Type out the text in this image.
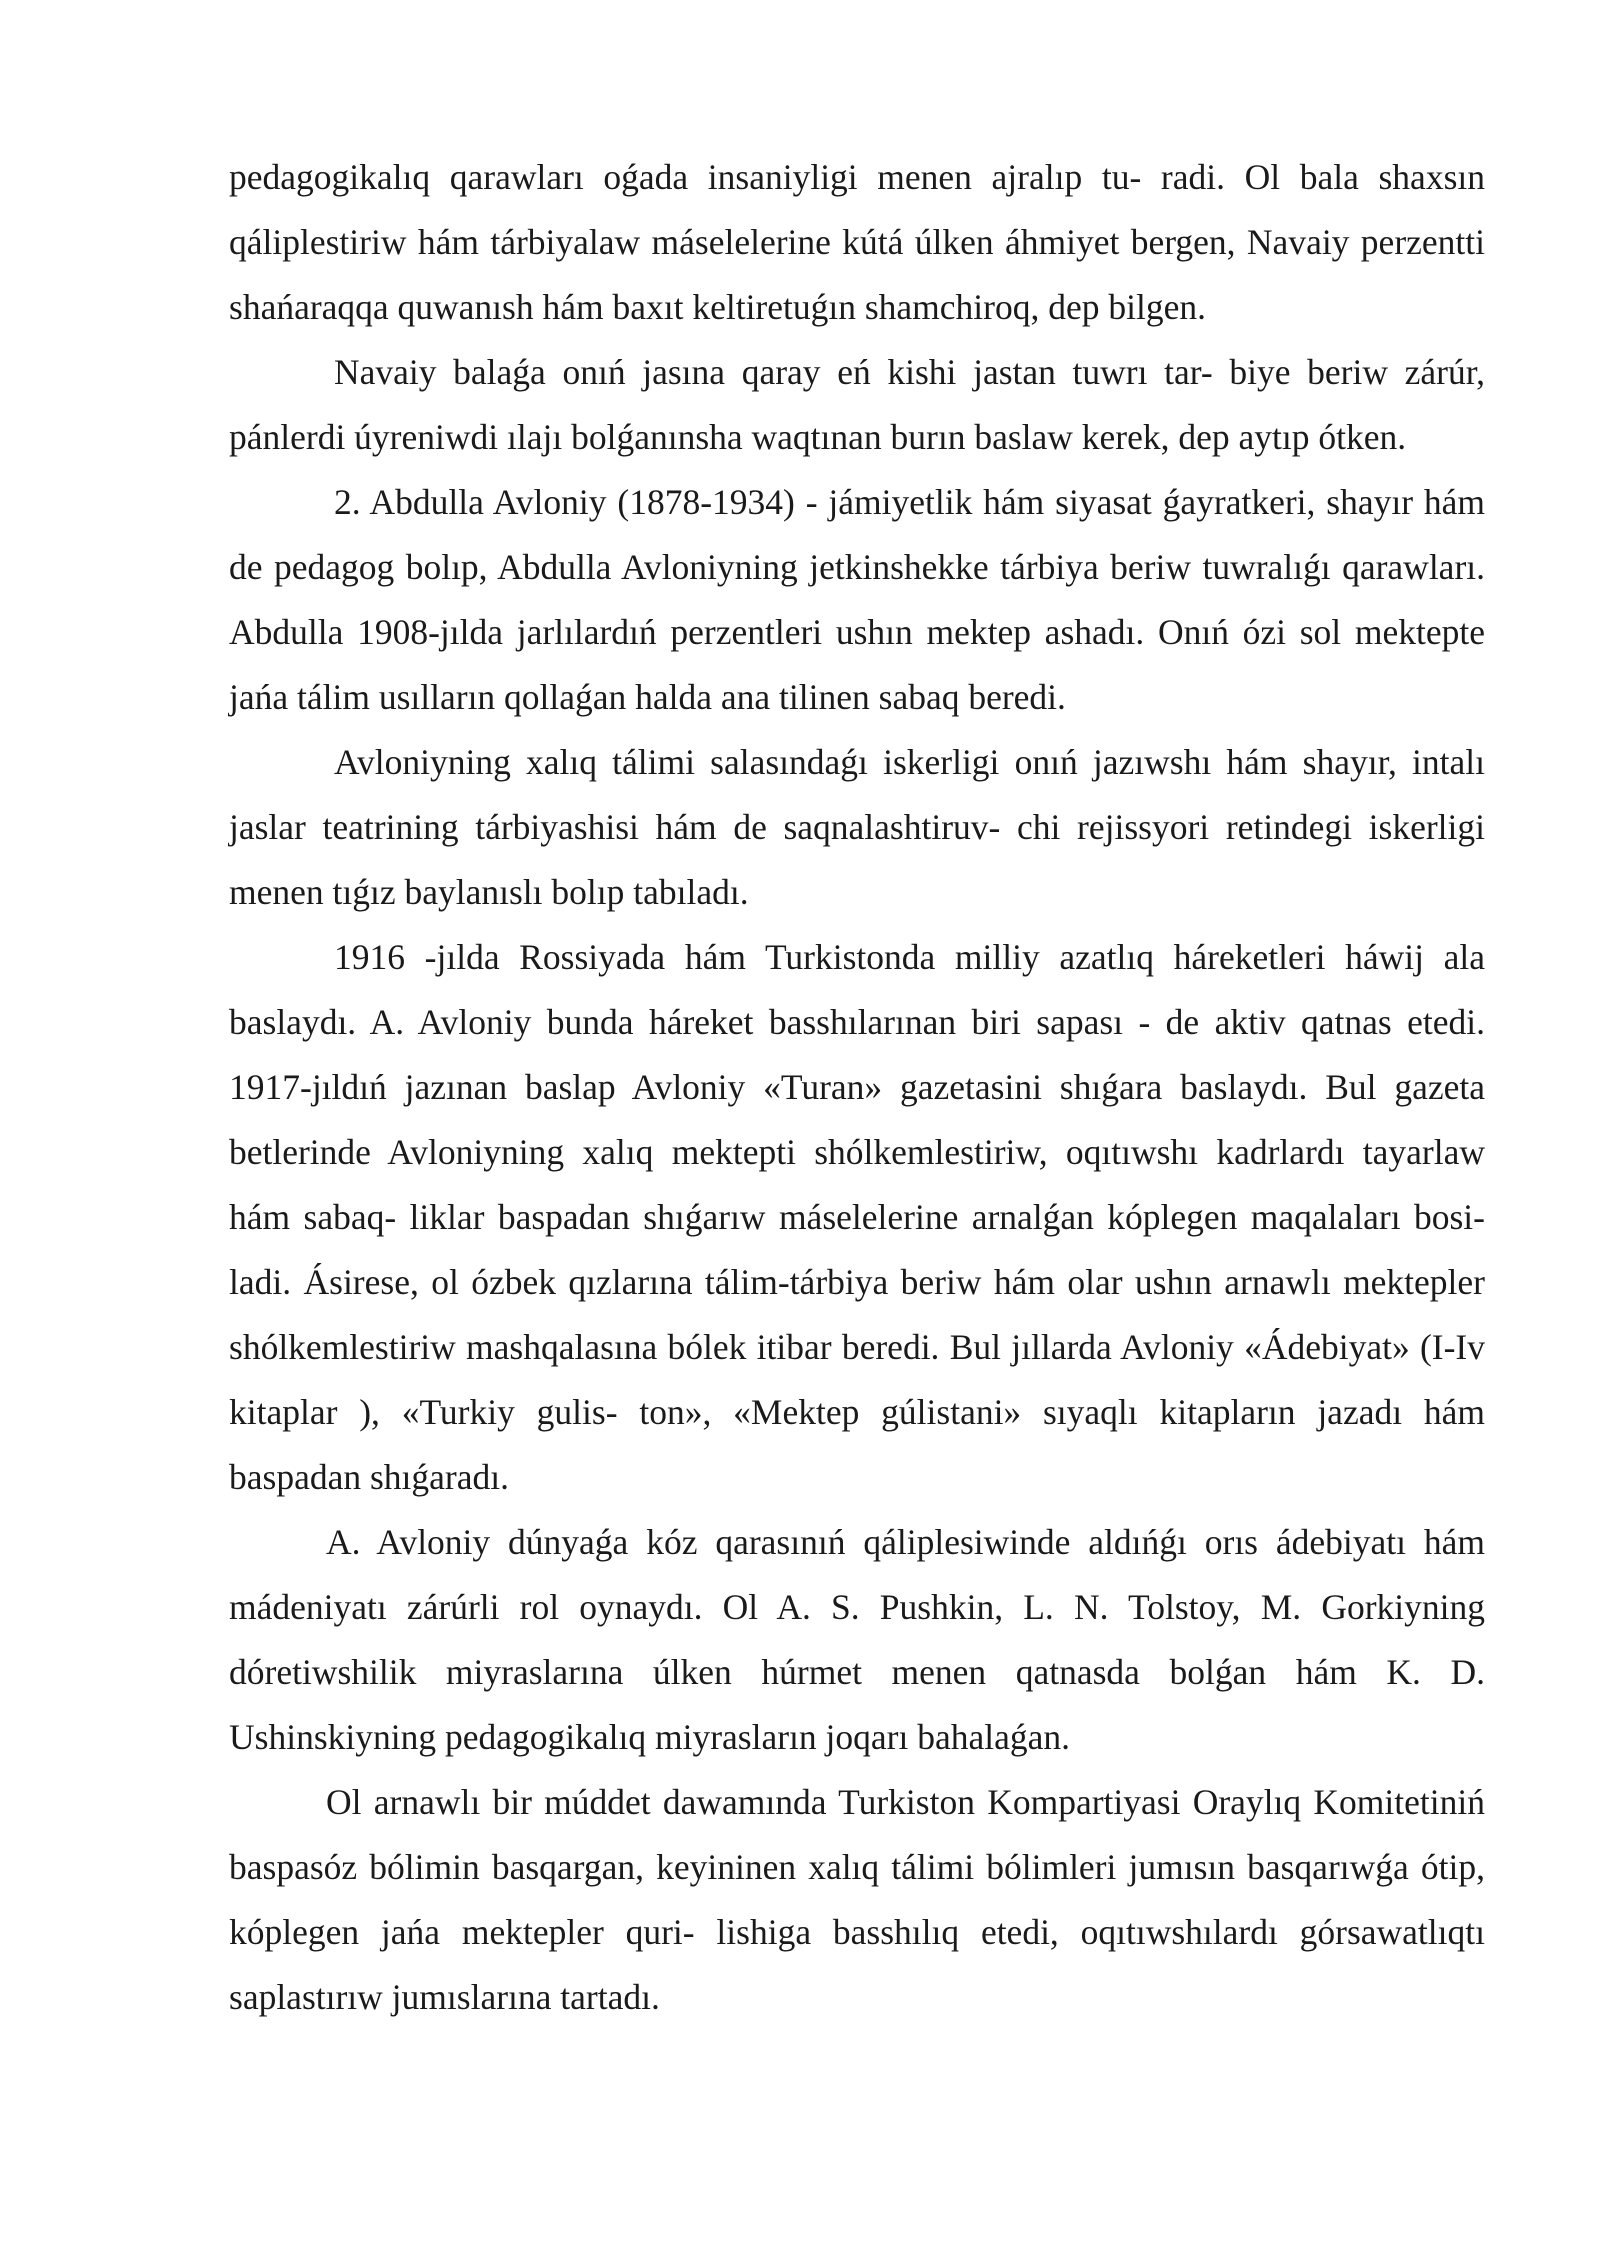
pedagogikalıq qarawları oǵada insaniyligi menen ajralıp tu- radi. Ol bala shaxsın qáliplestiriw hám tárbiyalaw máselelerine kútá úlken áhmiyet bergen, Navaiy perzentti shańaraqqa quwanısh hám baxıt keltiretuǵın shamchiroq, dep bilgen.

Navaiy balaǵa onıń jasına qaray eń kishi jastan tuwrı tar- biye beriw zárúr, pánlerdi úyreniwdi ılajı bolǵanınsha waqtınan burın baslaw kerek, dep aytıp ótken.

2. Abdulla Avloniy (1878-1934) - jámiyetlik hám siyasat ǵayratkeri, shayır hám de pedagog bolıp, Abdulla Avloniyning jetkinshekke tárbiya beriw tuwralıǵı qarawları. Abdulla 1908-jılda jarlılardıń perzentleri ushın mektep ashadı. Onıń ózi sol mektepte jańa tálim usılların qollaǵan halda ana tilinen sabaq beredi.

Avloniyning xalıq tálimi salasındaǵı iskerligi onıń jazıwshı hám shayır, intalı jaslar teatrining tárbiyashisi hám de saqnalashtiruv- chi rejissyori retindegi iskerligi menen tıǵız baylanıslı bolıp tabıladı.

1916 -jılda Rossiyada hám Turkistonda milliy azatlıq háreketleri háwij ala baslaydı. A. Avloniy bunda háreket basshılarınan biri sapası - de aktiv qatnas etedi. 1917-jıldıń jazınan baslap Avloniy «Turan» gazetasini shıǵara baslaydı. Bul gazeta betlerinde Avloniyning xalıq mektepti shólkemlestiriw, oqıtıwshı kadrlardı tayarlaw hám sabaq- liklar baspadan shıǵarıw máselelerine arnalǵan kóplegen maqalaları bosi- ladi. Ásirese, ol ózbek qızlarına tálim-tárbiya beriw hám olar ushın arnawlı mektepler shólkemlestiriw mashqalasına bólek itibar beredi. Bul jıllarda Avloniy «Ádebiyat» (I-Iv kitaplar ), «Turkiy gulis- ton», «Mektep gúlistani» sıyaqlı kitapların jazadı hám baspadan shıǵaradı.

A. Avloniy dúnyaǵa kóz qarasınıń qáliplesiwinde aldıńǵı orıs ádebiyatı hám mádeniyatı zárúrli rol oynaydı. Ol A. S. Pushkin, L. N. Tolstoy, M. Gorkiyning dóretiwshilik miyraslarına úlken húrmet menen qatnasda bolǵan hám K. D. Ushinskiyning pedagogikalıq miyrasların joqarı bahalaǵan.

Ol arnawlı bir múddet dawamında Turkiston Kompartiyasi Oraylıq Komitetiniń baspasóz bólimin basqargan, keyininen xalıq tálimi bólimleri jumısın basqarıwǵa ótip, kóplegen jańa mektepler quri- lishiga basshılıq etedi, oqıtıwshılardı górsawatlıqtı saplastırıw jumıslarına tartadı.
